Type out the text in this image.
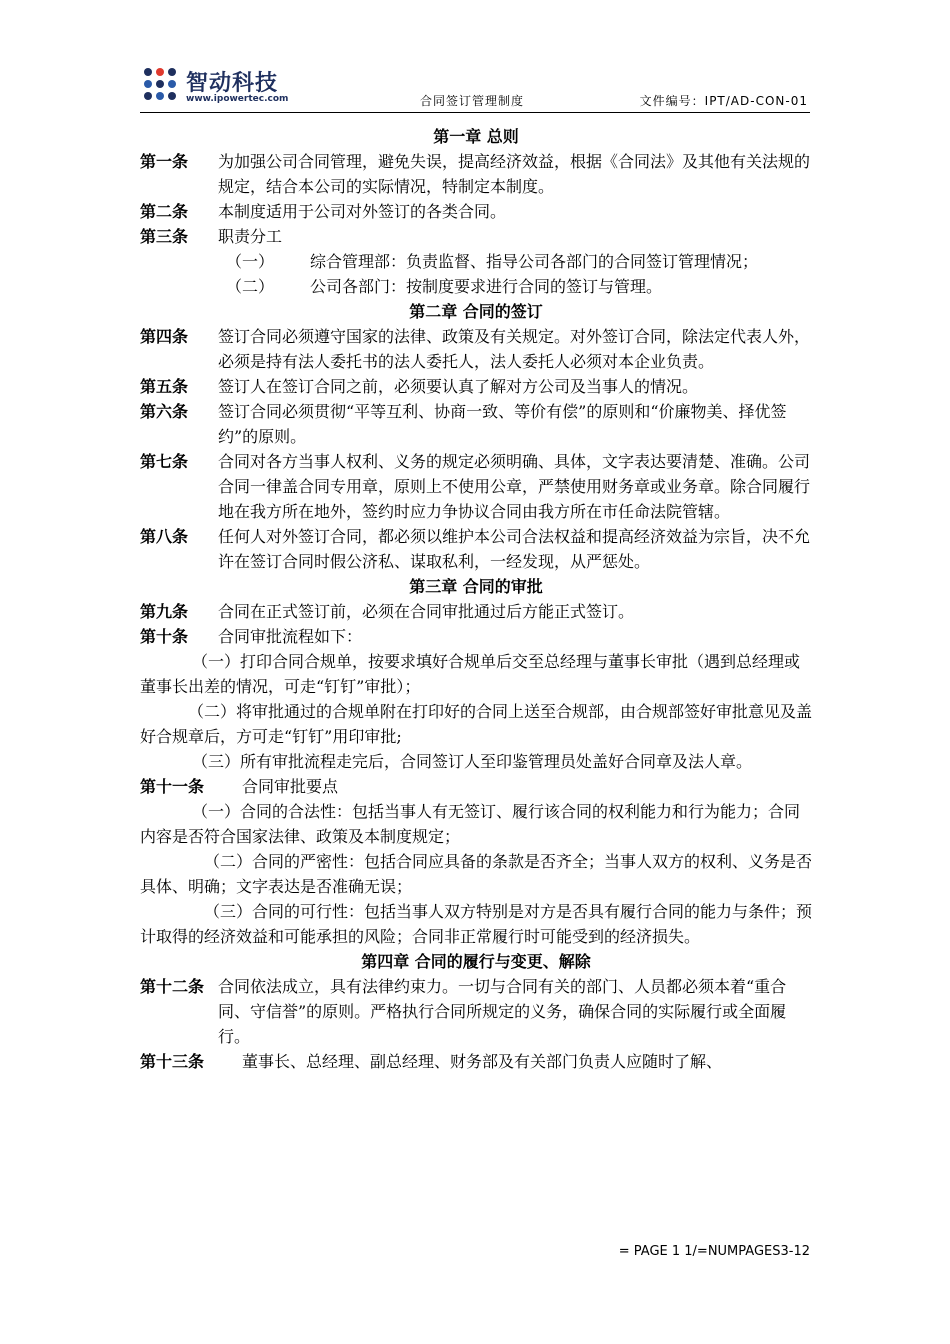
智动科技
www.ipowertec.com	合同签订管理制度	文件编号：IPT/AD-CON-01
第一章 总则
第一条	为加强公司合同管理，避免失误，提高经济效益，根据《合同法》及其他有关法规的规定，结合本公司的实际情况，特制定本制度。
第二条	本制度适用于公司对外签订的各类合同。
第三条	职责分工
（一）	综合管理部：负责监督、指导公司各部门的合同签订管理情况；
（二）	公司各部门：按制度要求进行合同的签订与管理。
第二章 合同的签订
第四条	签订合同必须遵守国家的法律、政策及有关规定。对外签订合同，除法定代表人外，必须是持有法人委托书的法人委托人，法人委托人必须对本企业负责。
第五条	签订人在签订合同之前，必须要认真了解对方公司及当事人的情况。
第六条	签订合同必须贯彻“平等互利、协商一致、等价有偿”的原则和“价廉物美、择优签约”的原则。
第七条	合同对各方当事人权利、义务的规定必须明确、具体，文字表达要清楚、准确。公司合同一律盖合同专用章，原则上不使用公章，严禁使用财务章或业务章。除合同履行地在我方所在地外，签约时应力争协议合同由我方所在市任命法院管辖。
第八条	任何人对外签订合同，都必须以维护本公司合法权益和提高经济效益为宗旨，决不允许在签订合同时假公济私、谋取私利，一经发现，从严惩处。
第三章 合同的审批
第九条	合同在正式签订前，必须在合同审批通过后方能正式签订。
第十条	合同审批流程如下：
（一）打印合同合规单，按要求填好合规单后交至总经理与董事长审批（遇到总经理或董事长出差的情况，可走“钉钉”审批）；
（二）将审批通过的合规单附在打印好的合同上送至合规部，由合规部签好审批意见及盖好合规章后，方可走“钉钉”用印审批;
（三）所有审批流程走完后，合同签订人至印鉴管理员处盖好合同章及法人章。
第十一条	合同审批要点
（一）合同的合法性：包括当事人有无签订、履行该合同的权利能力和行为能力；合同内容是否符合国家法律、政策及本制度规定；
（二）合同的严密性：包括合同应具备的条款是否齐全；当事人双方的权利、义务是否具体、明确；文字表达是否准确无误；
（三）合同的可行性：包括当事人双方特别是对方是否具有履行合同的能力与条件；预计取得的经济效益和可能承担的风险；合同非正常履行时可能受到的经济损失。
第四章 合同的履行与变更、解除
第十二条 合同依法成立，具有法律约束力。一切与合同有关的部门、人员都必须本着“重合同、守信誉”的原则。严格执行合同所规定的义务，确保合同的实际履行或全面履行。
第十三条	董事长、总经理、副总经理、财务部及有关部门负责人应随时了解、
= PAGE 1 1/=NUMPAGES3-12
